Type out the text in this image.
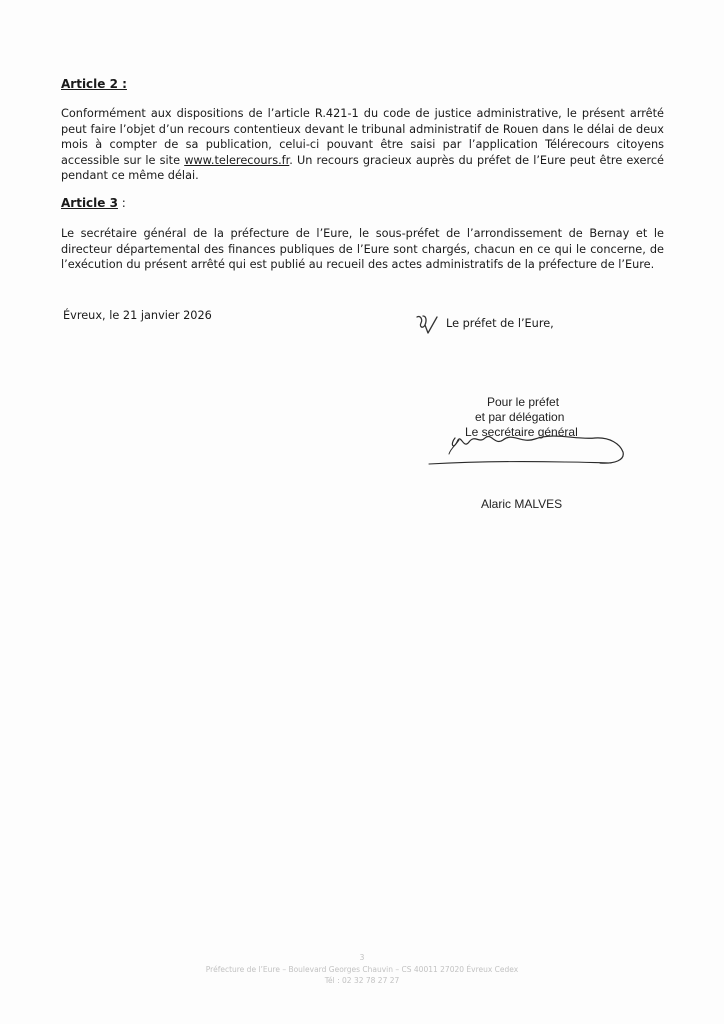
Article 2 :
Conformément aux dispositions de l’article R.421-1 du code de justice administrative, le présent arrêté peut faire l’objet d’un recours contentieux devant le tribunal administratif de Rouen dans le délai de deux mois à compter de sa publication, celui-ci pouvant être saisi par l’application Télérecours citoyens accessible sur le site www.telerecours.fr. Un recours gracieux auprès du préfet de l’Eure peut être exercé pendant ce même délai.
Article 3 :
Le secrétaire général de la préfecture de l’Eure, le sous-préfet de l’arrondissement de Bernay et le directeur départemental des finances publiques de l’Eure sont chargés, chacun en ce qui le concerne, de l’exécution du présent arrêté qui est publié au recueil des actes administratifs de la préfecture de l’Eure.
Évreux, le 21 janvier 2026
Le préfet de l’Eure,
Pour le préfet
et par délégation
Le secrétaire général
Alaric MALVES
3
Préfecture de l’Eure – Boulevard Georges Chauvin – CS 40011 27020 Évreux Cedex
Tél : 02 32 78 27 27
